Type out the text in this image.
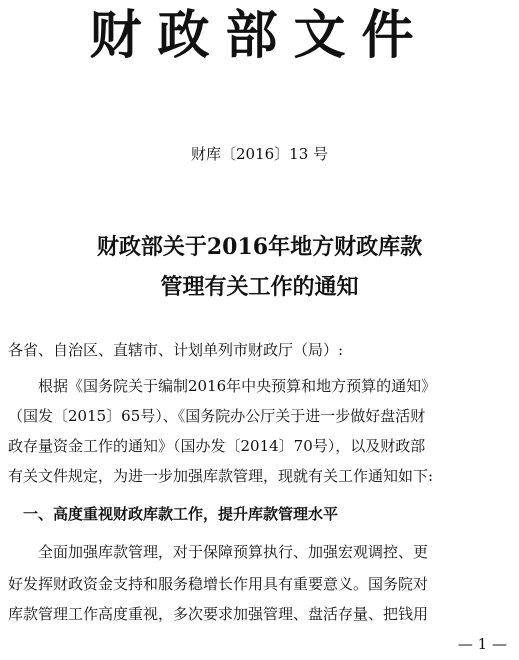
财政部文件
财库〔2016〕13 号
财政部关于2016年地方财政库款
管理有关工作的通知
各省、自治区、直辖市、计划单列市财政厅（局）:
　　根据《国务院关于编制2016年中央预算和地方预算的通知》
（国发〔2015〕65号）、《国务院办公厅关于进一步做好盘活财
政存量资金工作的通知》（国办发〔2014〕70号），以及财政部
有关文件规定，为进一步加强库款管理，现就有关工作通知如下:
　一、高度重视财政库款工作，提升库款管理水平
　　全面加强库款管理，对于保障预算执行、加强宏观调控、更
好发挥财政资金支持和服务稳增长作用具有重要意义。国务院对
库款管理工作高度重视，多次要求加强管理、盘活存量、把钱用
— 1 —
